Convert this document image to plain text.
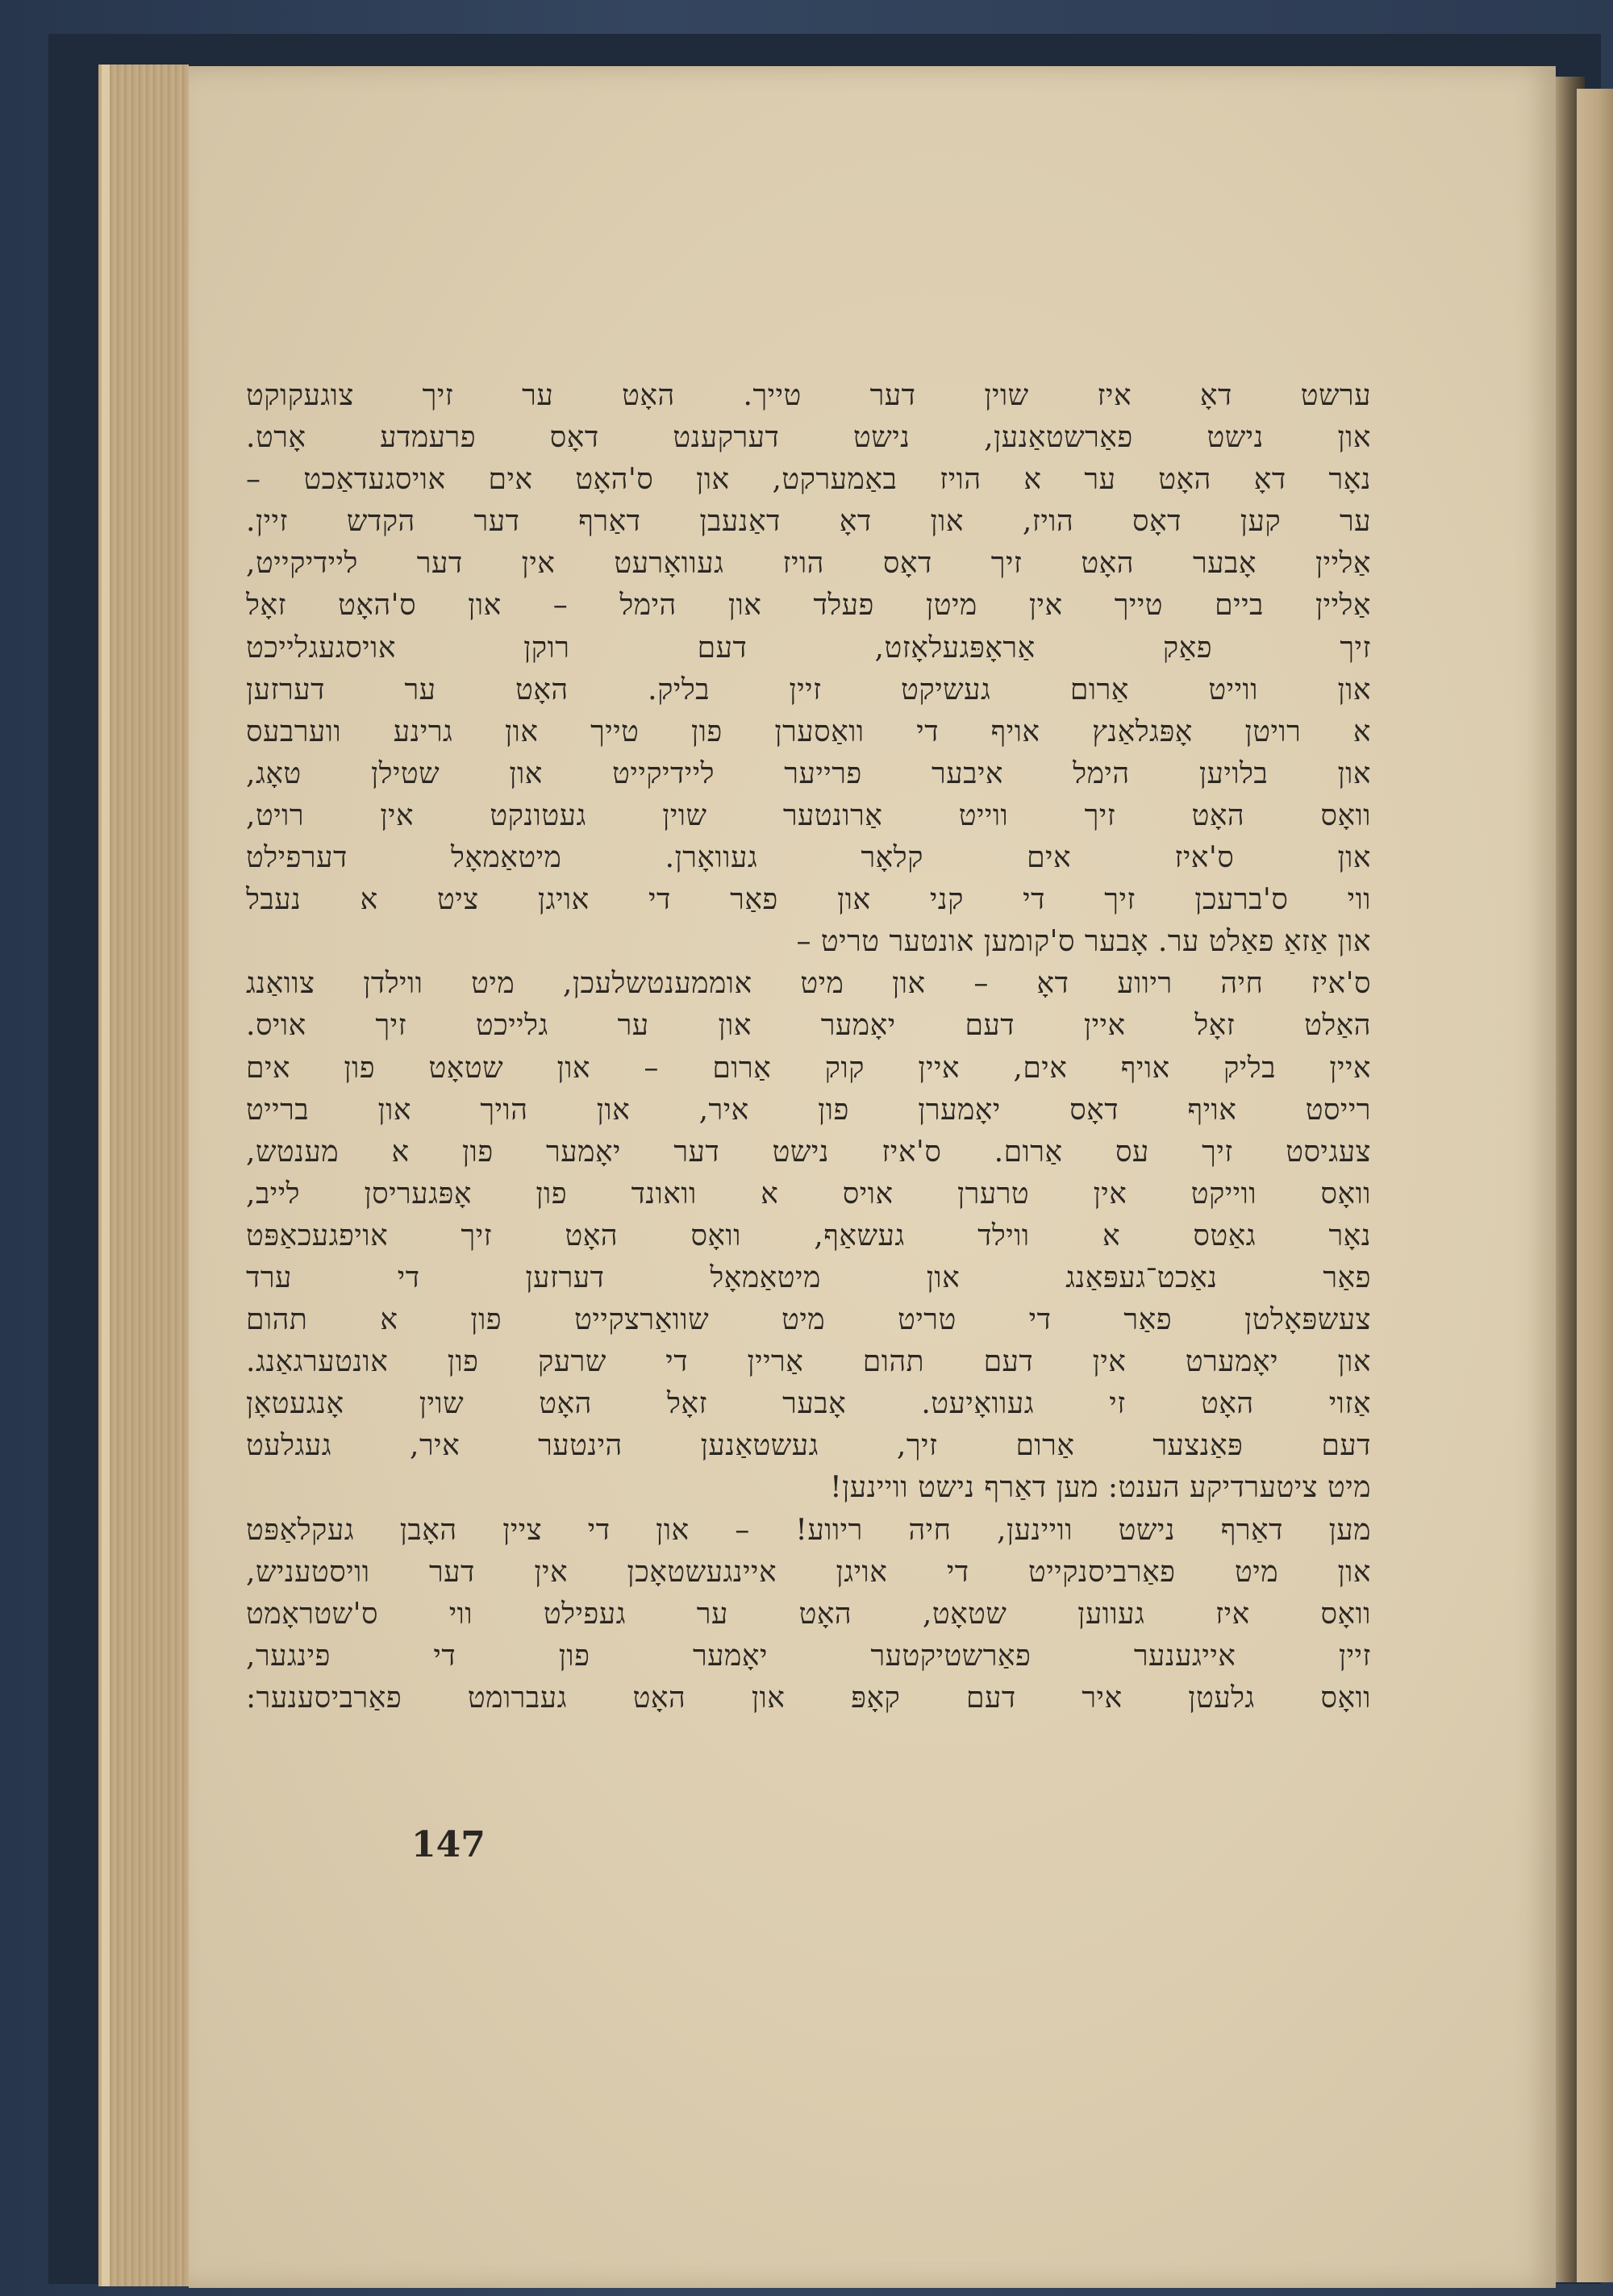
ערשט דאָ איז שוין דער טייך. האָט ער זיך צוגעקוקט
און נישט פאַרשטאַנען, נישט דערקענט דאָס פרעמדע אָרט.
נאָר דאָ האָט ער א הויז באַמערקט, און ס'האָט אים אויסגעדאַכט –
ער קען דאָס הויז, און דאָ דאַנעבן דאַרף דער הקדש זיין.
אַליין אָבער האָט זיך דאָס הויז געוואָרעט אין דער ליידיקייט,
אַליין ביים טייך אין מיטן פעלד און הימל – און ס'האָט זאָל
זיך פאַק אַראָפּגעלאָזט, דעם רוקן אויסגעגלייכט
און ווייט אַרום געשיקט זיין בליק. האָט ער דערזען
א רויטן אָפּגלאַנץ אויף די וואַסערן פון טייך און גרינע ווערבעס
און בלויען הימל איבער פרייער ליידיקייט און שטילן טאָג,
וואָס האָט זיך ווייט אַרונטער שוין געטונקט אין רויט,
און ס'איז אים קלאָר געוואָרן. מיטאַמאָל דערפילט
ווי ס'ברעכן זיך די קני און פאַר די אויגן ציט א נעבל
און אַזאַ פאַלט ער. אָבער ס'קומען אונטער טריט –
ס'איז חיה ריווע דאָ – און מיט אוממענטשלעכן, מיט ווילדן צוואַנג
האַלט זאָל איין דעם יאָמער און ער גלייכט זיך אויס.
איין בליק אויף אים, איין קוק אַרום – און שטאָט פון אים
רייסט אויף דאָס יאָמערן פון איר, און הויך און ברייט
צעגיסט זיך עס אַרום. ס'איז נישט דער יאָמער פון א מענטש,
וואָס ווייקט אין טרערן אויס א וואונד פון אָפּגעריסן לייב,
נאָר גאַטס א ווילד געשאַף, וואָס האָט זיך אויפגעכאַפּט
פאַר נאַכט־געפּאַנג און מיטאַמאָל דערזען די ערד
צעשפּאָלטן פאַר די טריט מיט שוואַרצקייט פון א תהום
און יאָמערט אין דעם תהום אַריין די שרעק פון אונטערגאַנג.
אַזוי האָט זי געוואָיעט. אָבער זאָל האָט שוין אָנגעטאָן
דעם פּאַנצער אַרום זיך, געשטאַנען הינטער איר, געגלעט
מיט ציטערדיקע הענט: מען דאַרף נישט וויינען!
מען דאַרף נישט וויינען, חיה ריווע! – און די ציין האָבן געקלאַפּט
און מיט פאַרביסנקייט די אויגן איינגעשטאָכן אין דער וויסטעניש,
וואָס איז געווען שטאָט, האָט ער געפילט ווי ס'שטראָמט
זיין אייגענער פאַרשטיקטער יאָמער פון די פינגער,
וואָס גלעטן איר דעם קאָפּ און האָט געברומט פאַרביסענער:
147
